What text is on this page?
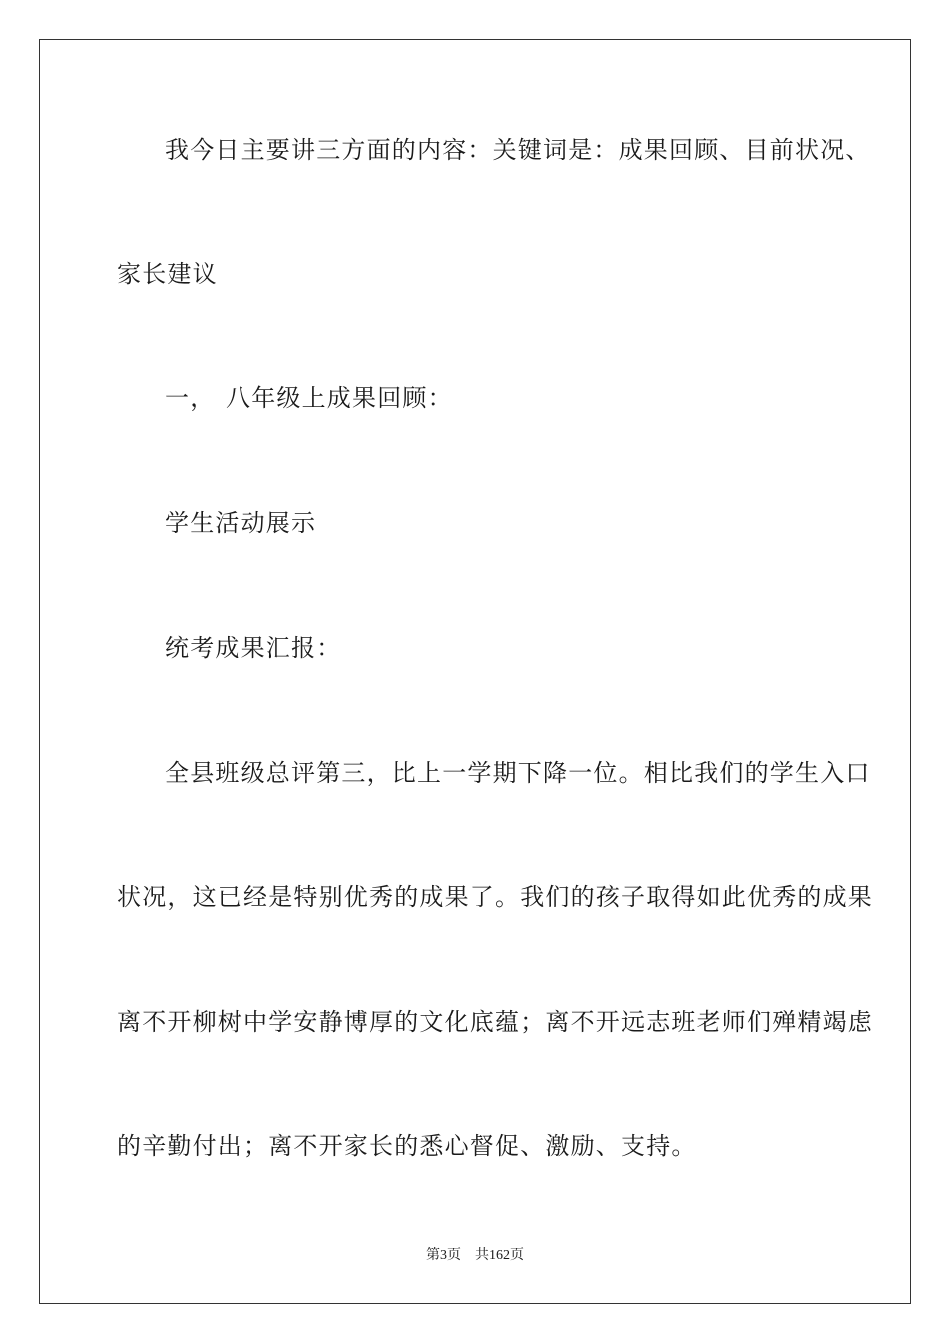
我今日主要讲三方面的内容：关键词是：成果回顾、目前状况、
家长建议
一， 八年级上成果回顾：
学生活动展示
统考成果汇报：
全县班级总评第三，比上一学期下降一位。相比我们的学生入口
状况，这已经是特别优秀的成果了。我们的孩子取得如此优秀的成果
离不开柳树中学安静博厚的文化底蕴；离不开远志班老师们殚精竭虑
的辛勤付出；离不开家长的悉心督促、激励、支持。
第3页 共162页
